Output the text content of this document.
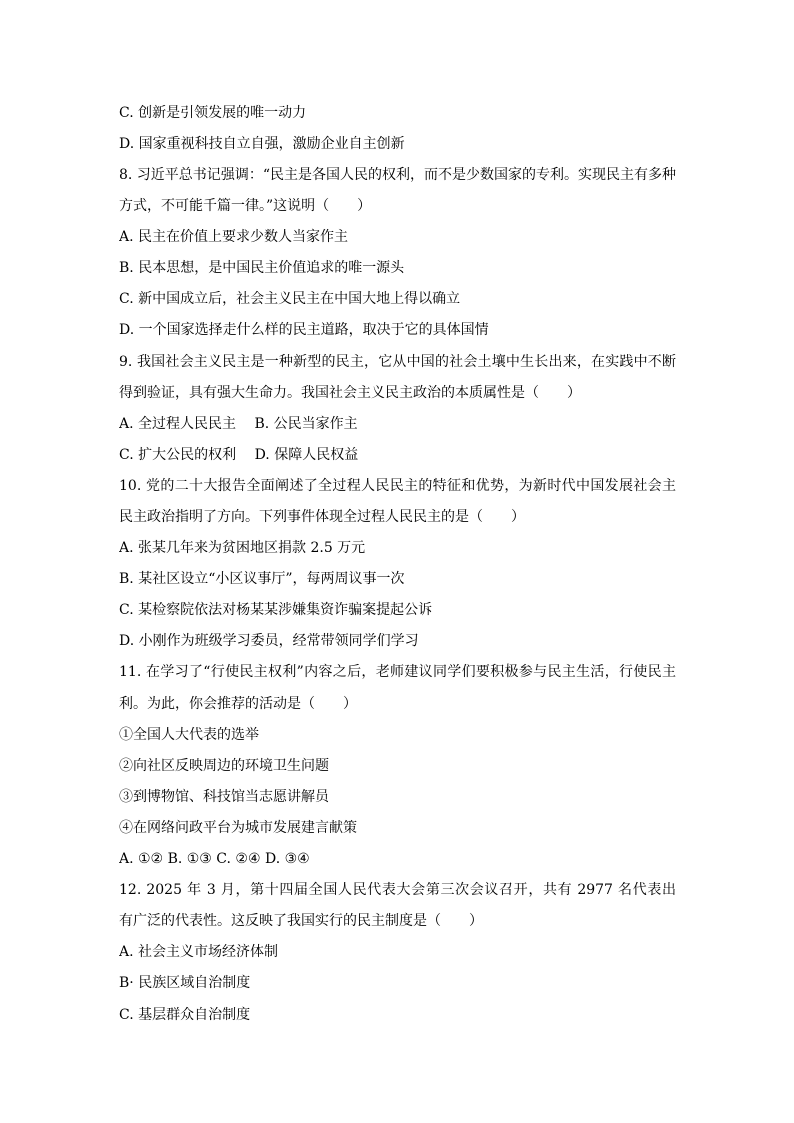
C. 创新是引领发展的唯一动力
D. 国家重视科技自立自强，激励企业自主创新
8. 习近平总书记强调：“民主是各国人民的权利，而不是少数国家的专利。实现民主有多种
方式，不可能千篇一律。”这说明（　　）
A. 民主在价值上要求少数人当家作主
B. 民本思想，是中国民主价值追求的唯一源头
C. 新中国成立后，社会主义民主在中国大地上得以确立
D. 一个国家选择走什么样的民主道路，取决于它的具体国情
9. 我国社会主义民主是一种新型的民主，它从中国的社会土壤中生长出来，在实践中不断
得到验证，具有强大生命力。我国社会主义民主政治的本质属性是（　　）
A. 全过程人民民主　 B. 公民当家作主
C. 扩大公民的权利　 D. 保障人民权益
10. 党的二十大报告全面阐述了全过程人民民主的特征和优势，为新时代中国发展社会主
民主政治指明了方向。下列事件体现全过程人民民主的是（　　）
A. 张某几年来为贫困地区捐款 2.5 万元
B. 某社区设立“小区议事厅”，每两周议事一次
C. 某检察院依法对杨某某涉嫌集资诈骗案提起公诉
D. 小刚作为班级学习委员，经常带领同学们学习
11. 在学习了“行使民主权利”内容之后，老师建议同学们要积极参与民主生活，行使民主
利。为此，你会推荐的活动是（　　）
①全国人大代表的选举
②向社区反映周边的环境卫生问题
③到博物馆、科技馆当志愿讲解员
④在网络问政平台为城市发展建言献策
A. ①② B. ①③ C. ②④ D. ③④
12. 2025 年 3 月，第十四届全国人民代表大会第三次会议召开，共有 2977 名代表出
有广泛的代表性。这反映了我国实行的民主制度是（　　）
A. 社会主义市场经济体制
B· 民族区域自治制度
C. 基层群众自治制度
